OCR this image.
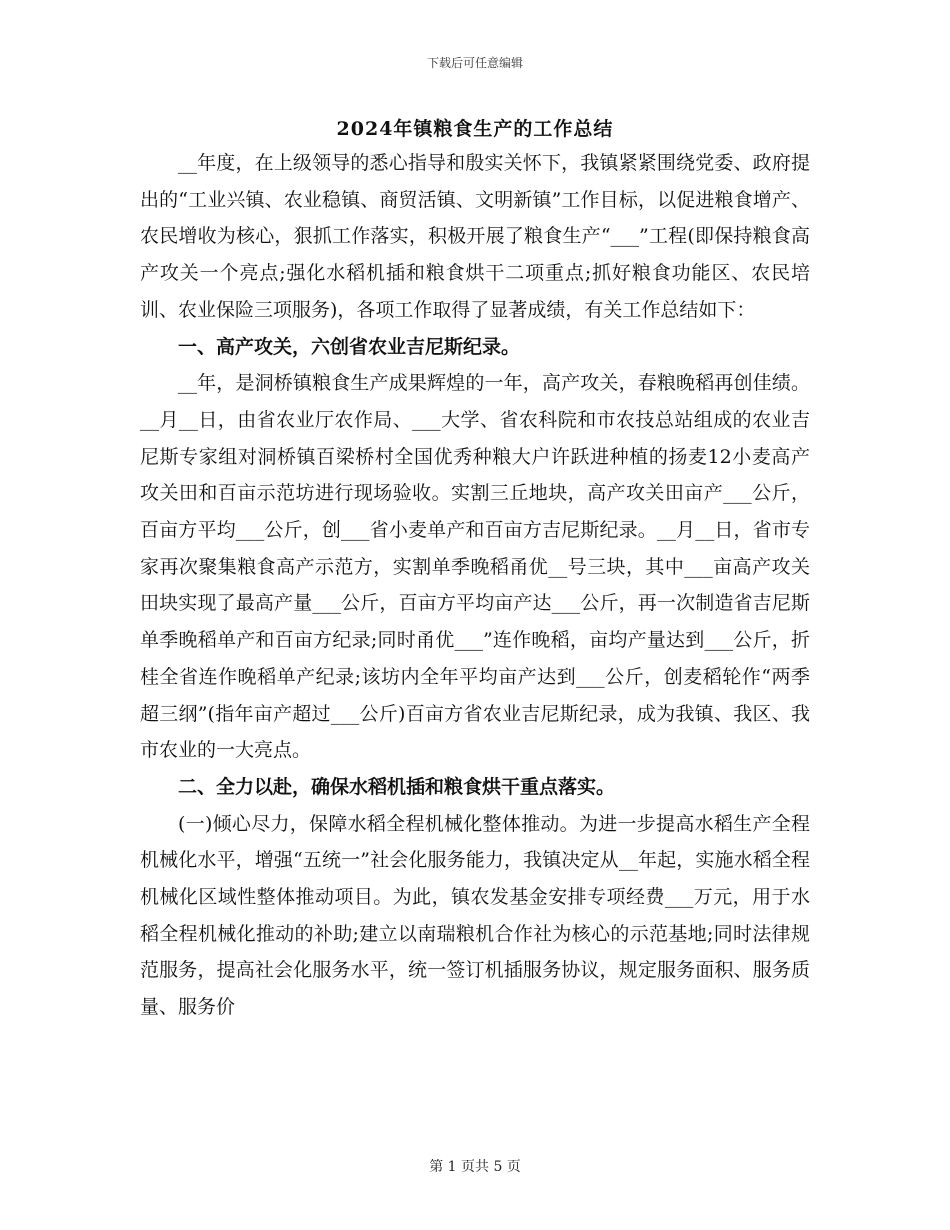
下载后可任意编辑
2024年镇粮食生产的工作总结

__年度，在上级领导的悉心指导和殷实关怀下，我镇紧紧围绕党委、政府提出的“工业兴镇、农业稳镇、商贸活镇、文明新镇”工作目标，以促进粮食增产、农民增收为核心，狠抓工作落实，积极开展了粮食生产“___”工程(即保持粮食高产攻关一个亮点;强化水稻机插和粮食烘干二项重点;抓好粮食功能区、农民培训、农业保险三项服务)，各项工作取得了显著成绩，有关工作总结如下：

一、高产攻关，六创省农业吉尼斯纪录。

__年，是洞桥镇粮食生产成果辉煌的一年，高产攻关，春粮晚稻再创佳绩。__月__日，由省农业厅农作局、___大学、省农科院和市农技总站组成的农业吉尼斯专家组对洞桥镇百梁桥村全国优秀种粮大户许跃进种植的扬麦12小麦高产攻关田和百亩示范坊进行现场验收。实割三丘地块，高产攻关田亩产___公斤，百亩方平均___公斤，创___省小麦单产和百亩方吉尼斯纪录。__月__日，省市专家再次聚集粮食高产示范方，实割单季晚稻甬优__号三块，其中___亩高产攻关田块实现了最高产量___公斤，百亩方平均亩产达___公斤，再一次制造省吉尼斯单季晚稻单产和百亩方纪录;同时甬优___”连作晚稻，亩均产量达到___公斤，折桂全省连作晚稻单产纪录;该坊内全年平均亩产达到___公斤，创麦稻轮作“两季超三纲”(指年亩产超过___公斤)百亩方省农业吉尼斯纪录，成为我镇、我区、我市农业的一大亮点。

二、全力以赴，确保水稻机插和粮食烘干重点落实。

(一)倾心尽力，保障水稻全程机械化整体推动。为进一步提高水稻生产全程机械化水平，增强“五统一”社会化服务能力，我镇决定从__年起，实施水稻全程机械化区域性整体推动项目。为此，镇农发基金安排专项经费___万元，用于水稻全程机械化推动的补助;建立以南瑞粮机合作社为核心的示范基地;同时法律规范服务，提高社会化服务水平，统一签订机插服务协议，规定服务面积、服务质量、服务价

第 1 页共 5 页
